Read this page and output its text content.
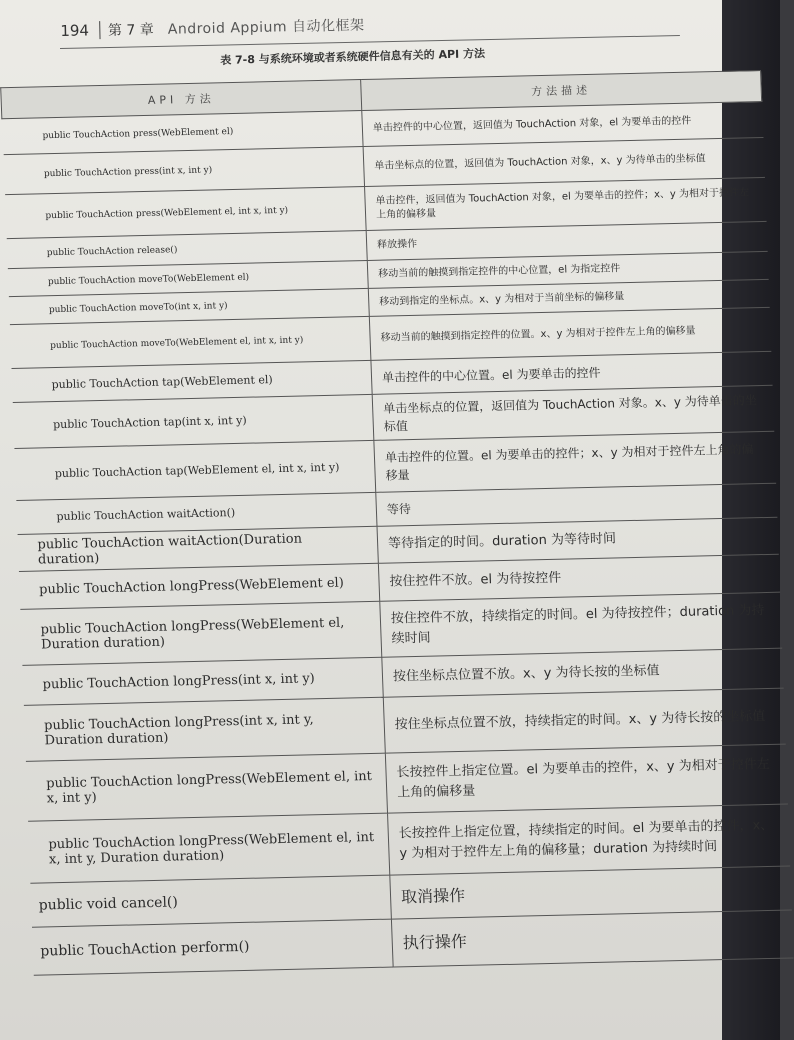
194	第 7 章 Android Appium 自动化框架
表 7-8 与系统环境或者系统硬件信息有关的 API 方法
API 方法	方法描述
public TouchAction press(WebElement el)	单击控件的中心位置，返回值为 TouchAction 对象，el 为要单击的控件
public TouchAction press(int x, int y)	单击坐标点的位置，返回值为 TouchAction 对象，x、y 为待单击的坐标值
public TouchAction press(WebElement el, int x, int y)	单击控件，返回值为 TouchAction 对象，el 为要单击的控件；x、y 为相对于控件左上角的偏移量
public TouchAction release()	释放操作
public TouchAction moveTo(WebElement el)	移动当前的触摸到指定控件的中心位置，el 为指定控件
public TouchAction moveTo(int x, int y)	移动到指定的坐标点。x、y 为相对于当前坐标的偏移量
public TouchAction moveTo(WebElement el, int x, int y)	移动当前的触摸到指定控件的位置。x、y 为相对于控件左上角的偏移量
public TouchAction tap(WebElement el)	单击控件的中心位置。el 为要单击的控件
public TouchAction tap(int x, int y)	单击坐标点的位置，返回值为 TouchAction 对象。x、y 为待单击的坐标值
public TouchAction tap(WebElement el, int x, int y)	单击控件的位置。el 为要单击的控件；x、y 为相对于控件左上角的偏移量
public TouchAction waitAction()	等待
public TouchAction waitAction(Duration duration)	等待指定的时间。duration 为等待时间
public TouchAction longPress(WebElement el)	按住控件不放。el 为待按控件
public TouchAction longPress(WebElement el, Duration duration)	按住控件不放，持续指定的时间。el 为待按控件；duration 为持续时间
public TouchAction longPress(int x, int y)	按住坐标点位置不放。x、y 为待长按的坐标值
public TouchAction longPress(int x, int y, Duration duration)	按住坐标点位置不放，持续指定的时间。x、y 为待长按的坐标值
public TouchAction longPress(WebElement el, int x, int y)	长按控件上指定位置。el 为要单击的控件，x、y 为相对于控件左上角的偏移量
public TouchAction longPress(WebElement el, int x, int y, Duration duration)	长按控件上指定位置，持续指定的时间。el 为要单击的控件，x、y 为相对于控件左上角的偏移量；duration 为持续时间
public void cancel()	取消操作
public TouchAction perform()	执行操作
